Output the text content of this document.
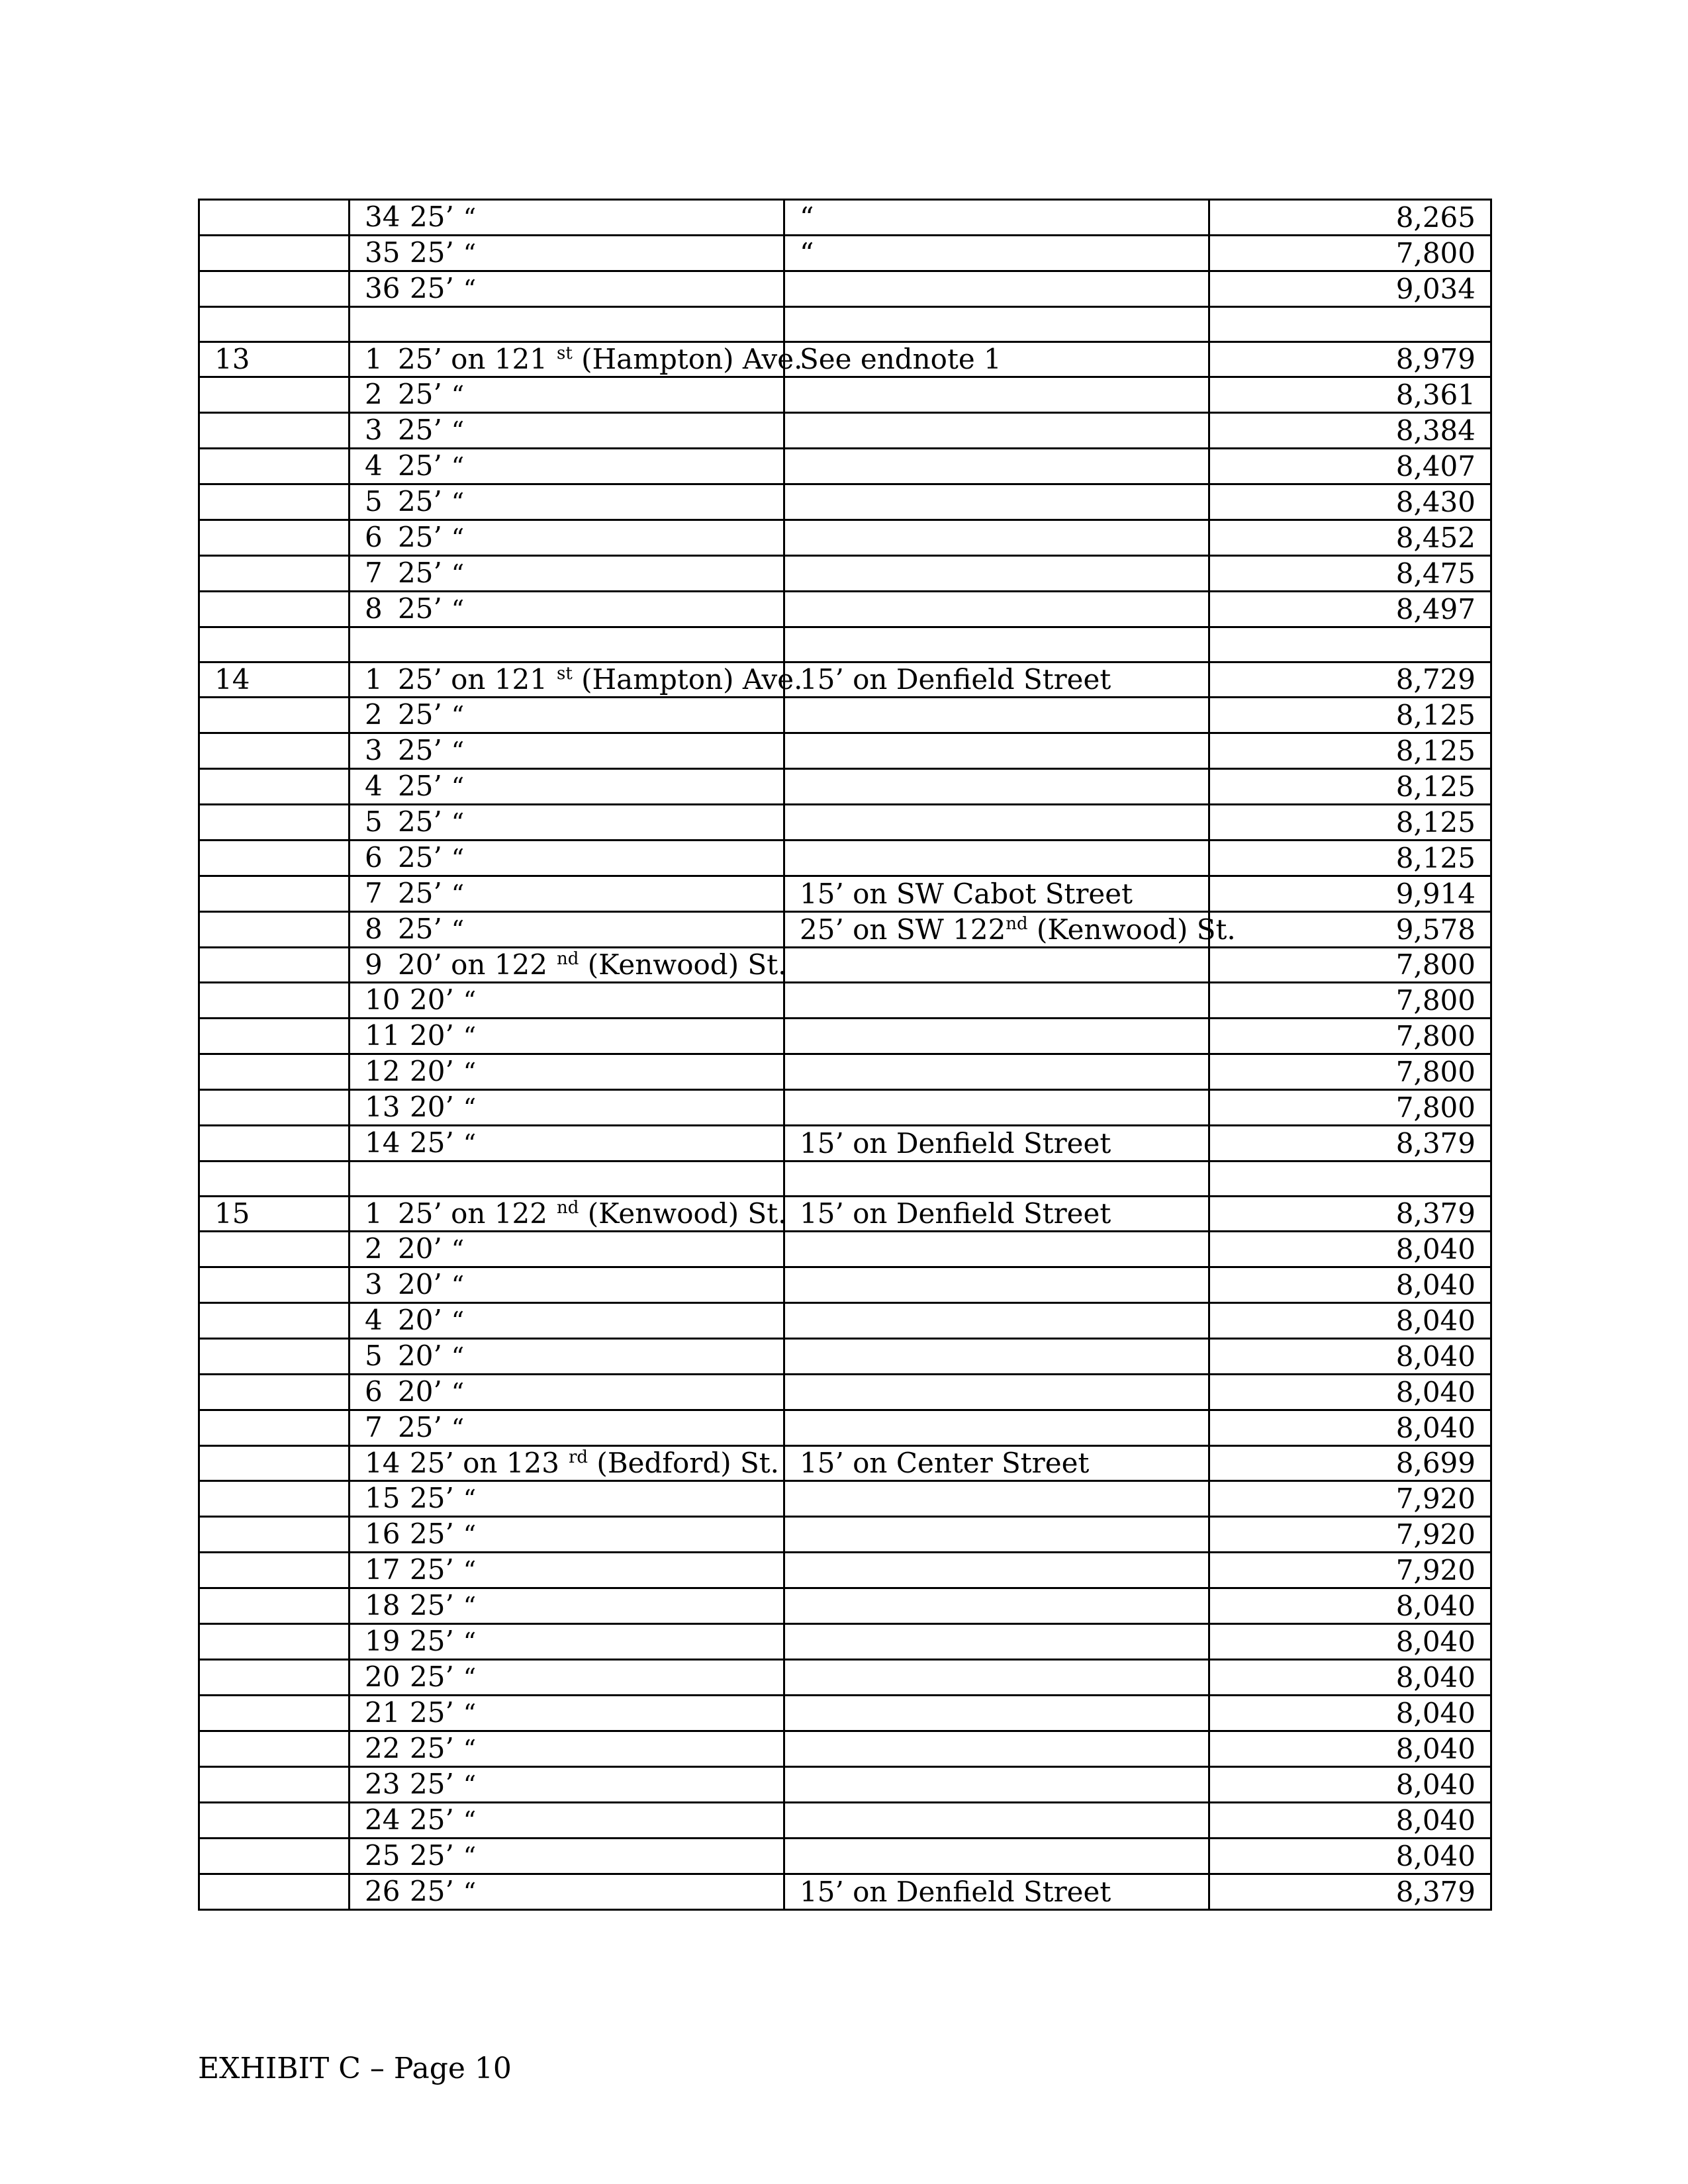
	34 25’ “	“	8,265
	35 25’ “	“	7,800
	36 25’ “		9,034

13	1 25’ on 121 $^{st}$ (Hampton) Ave.	See endnote 1	8,979
	2 25’ “		8,361
	3 25’ “		8,384
	4 25’ “		8,407
	5 25’ “		8,430
	6 25’ “		8,452
	7 25’ “		8,475
	8 25’ “		8,497

14	1 25’ on 121 $^{st}$ (Hampton) Ave.	15’ on Denfield Street	8,729
	2 25’ “		8,125
	3 25’ “		8,125
	4 25’ “		8,125
	5 25’ “		8,125
	6 25’ “		8,125
	7 25’ “	15’ on SW Cabot Street	9,914
	8 25’ “	25’ on SW 122nd (Kenwood) St.	9,578
	9 20’ on 122 $^{nd}$ (Kenwood) St.		7,800
	10 20’ “		7,800
	11 20’ “		7,800
	12 20’ “		7,800
	13 20’ “		7,800
	14 25’ “	15’ on Denfield Street	8,379

15	1 25’ on 122 $^{nd}$ (Kenwood) St.	15’ on Denfield Street	8,379
	2 20’ “		8,040
	3 20’ “		8,040
	4 20’ “		8,040
	5 20’ “		8,040
	6 20’ “		8,040
	7 25’ “		8,040
	14 25’ on 123 $^{rd}$ (Bedford) St.	15’ on Center Street	8,699
	15 25’ “		7,920
	16 25’ “		7,920
	17 25’ “		7,920
	18 25’ “		8,040
	19 25’ “		8,040
	20 25’ “		8,040
	21 25’ “		8,040
	22 25’ “		8,040
	23 25’ “		8,040
	24 25’ “		8,040
	25 25’ “		8,040
	26 25’ “	15’ on Denfield Street	8,379
EXHIBIT C – Page 10
